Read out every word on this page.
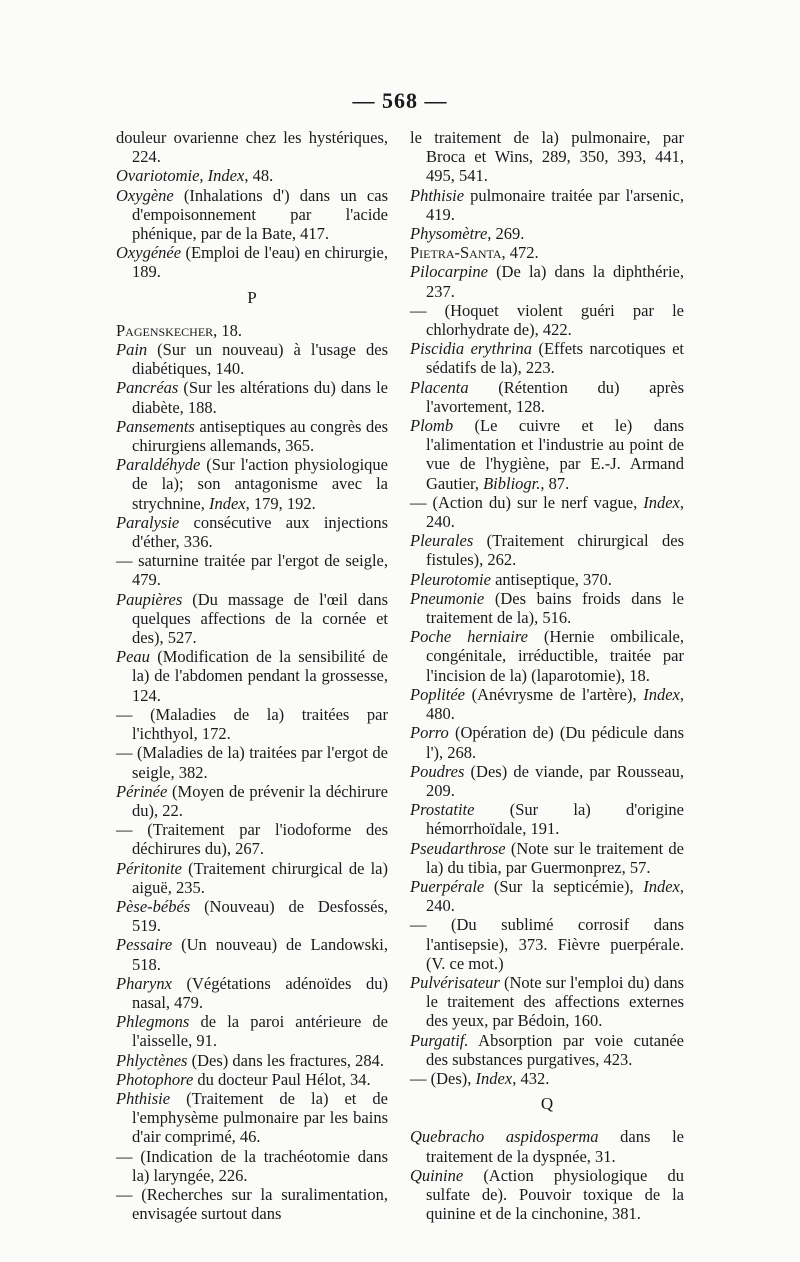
— 568 —

douleur ovarienne chez les hystériques, 224.

Ovariotomie, Index, 48.

Oxygène (Inhalations d') dans un cas d'empoisonnement par l'acide phénique, par de la Bate, 417.

Oxygénée (Emploi de l'eau) en chirurgie, 189.

P

Pagenskecher, 18.

Pain (Sur un nouveau) à l'usage des diabétiques, 140.

Pancréas (Sur les altérations du) dans le diabète, 188.

Pansements antiseptiques au congrès des chirurgiens allemands, 365.

Paraldéhyde (Sur l'action physiologique de la); son antagonisme avec la strychnine, Index, 179, 192.

Paralysie consécutive aux injections d'éther, 336.

— saturnine traitée par l'ergot de seigle, 479.

Paupières (Du massage de l'œil dans quelques affections de la cornée et des), 527.

Peau (Modification de la sensibilité de la) de l'abdomen pendant la grossesse, 124.

— (Maladies de la) traitées par l'ichthyol, 172.

— (Maladies de la) traitées par l'ergot de seigle, 382.

Périnée (Moyen de prévenir la déchirure du), 22.

— (Traitement par l'iodoforme des déchirures du), 267.

Péritonite (Traitement chirurgical de la) aiguë, 235.

Pèse-bébés (Nouveau) de Desfossés, 519.

Pessaire (Un nouveau) de Landowski, 518.

Pharynx (Végétations adénoïdes du) nasal, 479.

Phlegmons de la paroi antérieure de l'aisselle, 91.

Phlyctènes (Des) dans les fractures, 284.

Photophore du docteur Paul Hélot, 34.

Phthisie (Traitement de la) et de l'emphysème pulmonaire par les bains d'air comprimé, 46.

— (Indication de la trachéotomie dans la) laryngée, 226.

— (Recherches sur la suralimentation, envisagée surtout dans

le traitement de la) pulmonaire, par Broca et Wins, 289, 350, 393, 441, 495, 541.

Phthisie pulmonaire traitée par l'arsenic, 419.

Physomètre, 269.

Pietra-Santa, 472.

Pilocarpine (De la) dans la diphthérie, 237.

— (Hoquet violent guéri par le chlorhydrate de), 422.

Piscidia erythrina (Effets narcotiques et sédatifs de la), 223.

Placenta (Rétention du) après l'avortement, 128.

Plomb (Le cuivre et le) dans l'alimentation et l'industrie au point de vue de l'hygiène, par E.-J. Armand Gautier, Bibliogr., 87.

— (Action du) sur le nerf vague, Index, 240.

Pleurales (Traitement chirurgical des fistules), 262.

Pleurotomie antiseptique, 370.

Pneumonie (Des bains froids dans le traitement de la), 516.

Poche herniaire (Hernie ombilicale, congénitale, irréductible, traitée par l'incision de la) (laparotomie), 18.

Poplitée (Anévrysme de l'artère), Index, 480.

Porro (Opération de) (Du pédicule dans l'), 268.

Poudres (Des) de viande, par Rousseau, 209.

Prostatite (Sur la) d'origine hémorrhoïdale, 191.

Pseudarthrose (Note sur le traitement de la) du tibia, par Guermonprez, 57.

Puerpérale (Sur la septicémie), Index, 240.

— (Du sublimé corrosif dans l'antisepsie), 373. Fièvre puerpérale. (V. ce mot.)

Pulvérisateur (Note sur l'emploi du) dans le traitement des affections externes des yeux, par Bédoin, 160.

Purgatif. Absorption par voie cutanée des substances purgatives, 423.

— (Des), Index, 432.

Q

Quebracho aspidosperma dans le traitement de la dyspnée, 31.

Quinine (Action physiologique du sulfate de). Pouvoir toxique de la quinine et de la cinchonine, 381.
